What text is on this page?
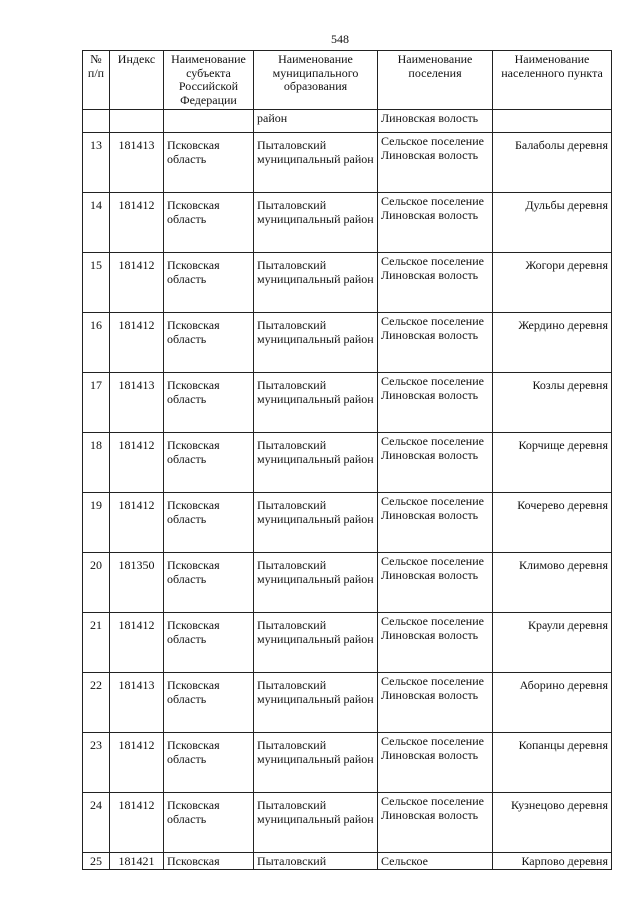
548
№ п/п	Индекс	Наименование субъекта Российской Федерации	Наименование муниципального образования	Наименование поселения	Наименование населенного пункта
			район	Линовская волость	
13	181413	Псковская область	Пыталовский муниципальный район	Сельское поселение Линовская волость	Балаболы деревня
14	181412	Псковская область	Пыталовский муниципальный район	Сельское поселение Линовская волость	Дульбы деревня
15	181412	Псковская область	Пыталовский муниципальный район	Сельское поселение Линовская волость	Жогори деревня
16	181412	Псковская область	Пыталовский муниципальный район	Сельское поселение Линовская волость	Жердино деревня
17	181413	Псковская область	Пыталовский муниципальный район	Сельское поселение Линовская волость	Козлы деревня
18	181412	Псковская область	Пыталовский муниципальный район	Сельское поселение Линовская волость	Корчище деревня
19	181412	Псковская область	Пыталовский муниципальный район	Сельское поселение Линовская волость	Кочерево деревня
20	181350	Псковская область	Пыталовский муниципальный район	Сельское поселение Линовская волость	Климово деревня
21	181412	Псковская область	Пыталовский муниципальный район	Сельское поселение Линовская волость	Краули деревня
22	181413	Псковская область	Пыталовский муниципальный район	Сельское поселение Линовская волость	Аборино деревня
23	181412	Псковская область	Пыталовский муниципальный район	Сельское поселение Линовская волость	Копанцы деревня
24	181412	Псковская область	Пыталовский муниципальный район	Сельское поселение Линовская волость	Кузнецово деревня
25	181421	Псковская	Пыталовский	Сельское	Карпово деревня
